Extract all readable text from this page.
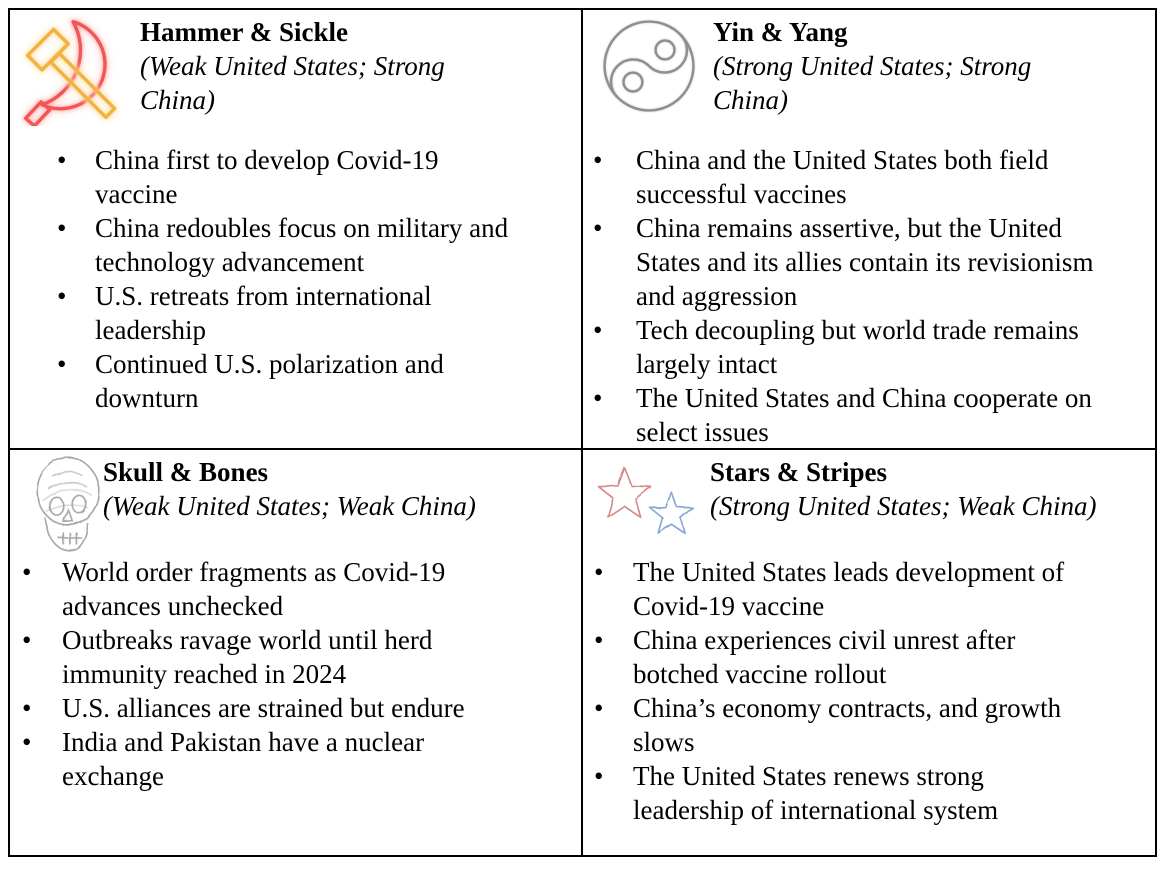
Hammer & Sickle

(Weak United States; Strong China)

• China first to develop Covid-19 vaccine
• China redoubles focus on military and technology advancement
• U.S. retreats from international leadership
• Continued U.S. polarization and downturn
Yin & Yang

(Strong United States; Strong China)

• China and the United States both field successful vaccines
• China remains assertive, but the United States and its allies contain its revisionism and aggression
• Tech decoupling but world trade remains largely intact
• The United States and China cooperate on select issues
Skull & Bones

(Weak United States; Weak China)

• World order fragments as Covid-19 advances unchecked
• Outbreaks ravage world until herd immunity reached in 2024
• U.S. alliances are strained but endure
• India and Pakistan have a nuclear exchange
Stars & Stripes

(Strong United States; Weak China)

• The United States leads development of Covid-19 vaccine
• China experiences civil unrest after botched vaccine rollout
• China’s economy contracts, and growth slows
• The United States renews strong leadership of international system
